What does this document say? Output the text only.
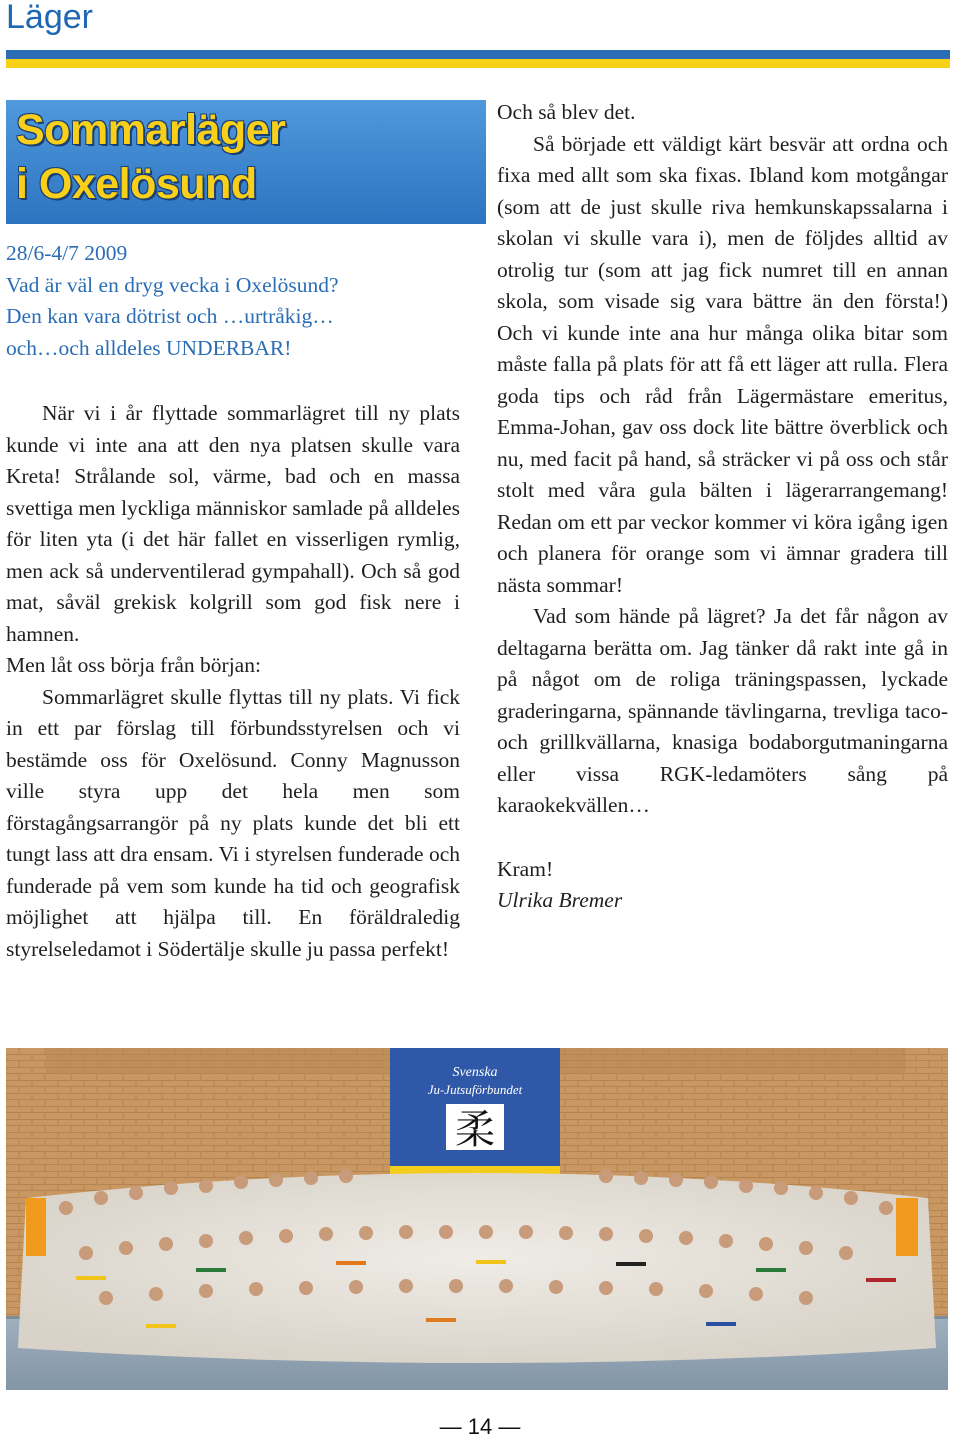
Läger
Sommarläger
i Oxelösund
28/6-4/7 2009
Vad är väl en dryg vecka i Oxelösund?
Den kan vara dötrist och …urtråkig…
och…och alldeles UNDERBAR!

När vi i år flyttade sommarlägret till ny plats kunde vi inte ana att den nya platsen skulle vara Kreta! Strålande sol, värme, bad och en massa svettiga men lyckliga människor samlade på alldeles för liten yta (i det här fallet en visserligen rymlig, men ack så underventilerad gympahall). Och så god mat, såväl grekisk kolgrill som god fisk nere i hamnen.

Men låt oss börja från början:

Sommarlägret skulle flyttas till ny plats. Vi fick in ett par förslag till förbundsstyrelsen och vi bestämde oss för Oxelösund. Conny Magnusson ville styra upp det hela men som förstagångsarrangör på ny plats kunde det bli ett tungt lass att dra ensam. Vi i styrelsen funderade och funderade på vem som kunde ha tid och geografisk möjlighet att hjälpa till. En föräldraledig styrelseledamot i Södertälje skulle ju passa perfekt!

Och så blev det.

Så började ett väldigt kärt besvär att ordna och fixa med allt som ska fixas. Ibland kom motgångar (som att de just skulle riva hemkunskapssalarna i skolan vi skulle vara i), men de följdes alltid av otrolig tur (som att jag fick numret till en annan skola, som visade sig vara bättre än den första!) Och vi kunde inte ana hur många olika bitar som måste falla på plats för att få ett läger att rulla. Flera goda tips och råd från Lägermästare emeritus, Emma-Johan, gav oss dock lite bättre överblick och nu, med facit på hand, så sträcker vi på oss och står stolt med våra gula bälten i lägerarrangemang! Redan om ett par veckor kommer vi köra igång igen och planera för orange som vi ämnar gradera till nästa sommar!

Vad som hände på lägret? Ja det får någon av deltagarna berätta om. Jag tänker då rakt inte gå in på något om de roliga träningspassen, lyckade graderingarna, spännande tävlingarna, trevliga taco- och grillkvällarna, knasiga bodaborgutmaningarna eller vissa RGK-ledamöters sång på karaokekvällen…

Kram!

Ulrika Bremer

Svenska
Ju-Jutsuförbundet
柔
— 14 —
